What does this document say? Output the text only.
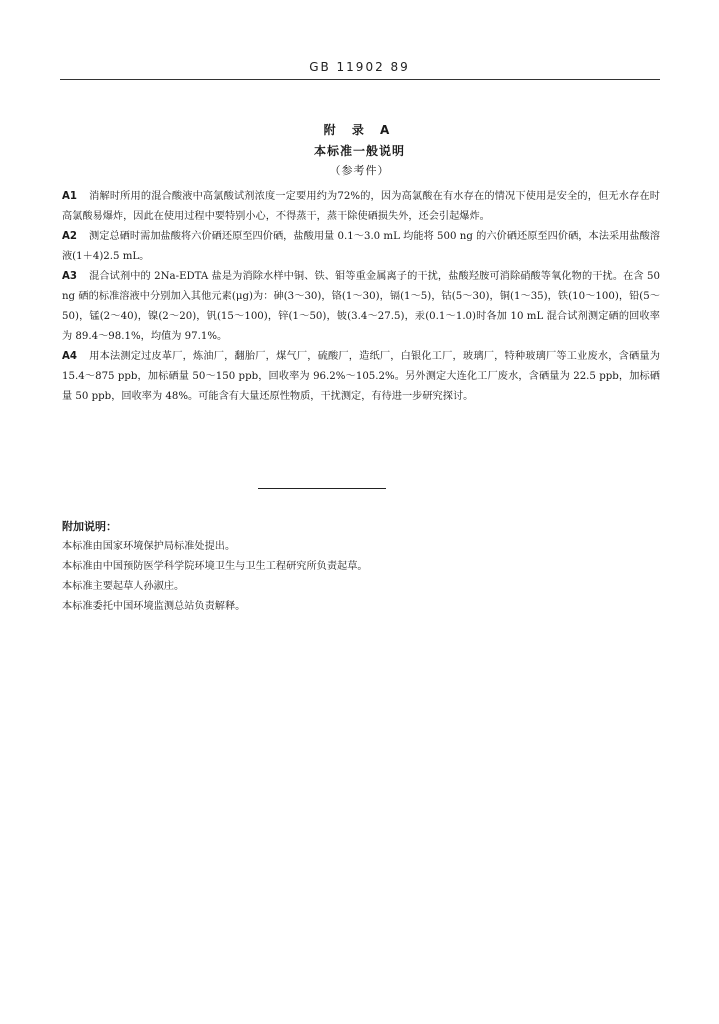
GB 11902 89
附 录 A
本标准一般说明
（参考件）

A1 消解时所用的混合酸液中高氯酸试剂浓度一定要用约为72%的，因为高氯酸在有水存在的情况下使用是安全的，但无水存在时高氯酸易爆炸，因此在使用过程中要特别小心，不得蒸干，蒸干除使硒损失外，还会引起爆炸。

A2 测定总硒时需加盐酸将六价硒还原至四价硒，盐酸用量 0.1～3.0 mL 均能将 500 ng 的六价硒还原至四价硒，本法采用盐酸溶液(1＋4)2.5 mL。

A3 混合试剂中的 2Na-EDTA 盐是为消除水样中铜、铁、钼等重金属离子的干扰，盐酸羟胺可消除硝酸等氧化物的干扰。在含 50 ng 硒的标准溶液中分别加入其他元素(μg)为：砷(3～30)，铬(1～30)，镉(1～5)，钴(5～30)，铜(1～35)，铁(10～100)，铅(5～50)，锰(2～40)，镍(2～20)，钒(15～100)，锌(1～50)，铍(3.4～27.5)，汞(0.1～1.0)时各加 10 mL 混合试剂测定硒的回收率为 89.4～98.1%，均值为 97.1%。

A4 用本法测定过皮革厂，炼油厂，翻胎厂，煤气厂，硫酸厂，造纸厂，白银化工厂，玻璃厂，特种玻璃厂等工业废水，含硒量为 15.4～875 ppb，加标硒量 50～150 ppb，回收率为 96.2%～105.2%。另外测定大连化工厂废水，含硒量为 22.5 ppb，加标硒量 50 ppb，回收率为 48%。可能含有大量还原性物质，干扰测定，有待进一步研究探讨。

附加说明：
本标准由国家环境保护局标准处提出。
本标准由中国预防医学科学院环境卫生与卫生工程研究所负责起草。
本标准主要起草人孙淑庄。
本标准委托中国环境监测总站负责解释。
